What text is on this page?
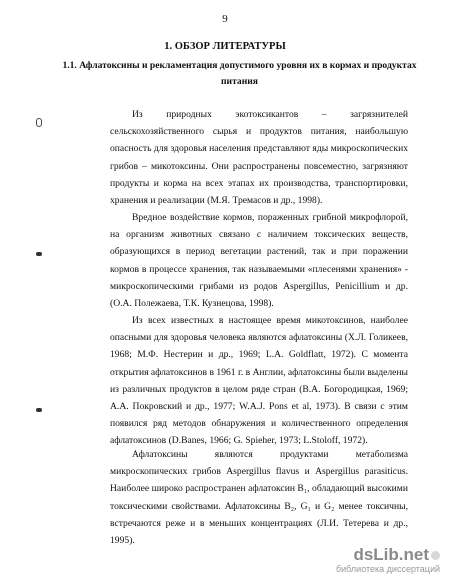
9
1. ОБЗОР ЛИТЕРАТУРЫ
1.1. Афлатоксины и рекламентация допустимого уровня их в кормах и продуктах питания

Из природных экотоксикантов – загрязнителей сельскохозяйственного сырья и продуктов питания, наибольшую опасность для здоровья населения представляют яды микроскопических грибов – микотоксины. Они распространены повсеместно, загрязняют продукты и корма на всех этапах их производства, транспортировки, хранения и реализации (М.Я. Тремасов и др., 1998).

Вредное воздействие кормов, пораженных грибной микрофлорой, на организм животных связано с наличием токсических веществ, образующихся в период вегетации растений, так и при поражении кормов в процессе хранения, так называемыми «плесенями хранения» - микроскопическими грибами из родов Aspergillus, Penicillium и др. (О.А. Полежаева, Т.К. Кузнецова, 1998).

Из всех известных в настоящее время микотоксинов, наиболее опасными для здоровья человека являются афлатоксины (Х.Л. Голикеев, 1968; М.Ф. Нестерин и др., 1969; L.A. Goldflatt, 1972). С момента открытия афлатоксинов в 1961 г. в Англии, афлатоксины были выделены из различных продуктов в целом ряде стран (В.А. Богородицкая, 1969; А.А. Покровский и др., 1977; W.A.J. Pons et al, 1973). В связи с этим появился ряд методов обнаружения и количественного определения афлатоксинов (D.Banes, 1966; G. Spieher, 1973; L.Stoloff, 1972).

Афлатоксины являются продуктами метаболизма микроскопических грибов Aspergillus flavus и Aspergillus parasiticus. Наиболее широко распространен афлатоксин B₁, обладающий высокими токсическими свойствами. Афлатоксины B₂, G₁ и G₂ менее токсичны, встречаются реже и в меньших концентрациях (Л.И. Тетерева и др., 1995).

dsLib.net
библиотека диссертаций
